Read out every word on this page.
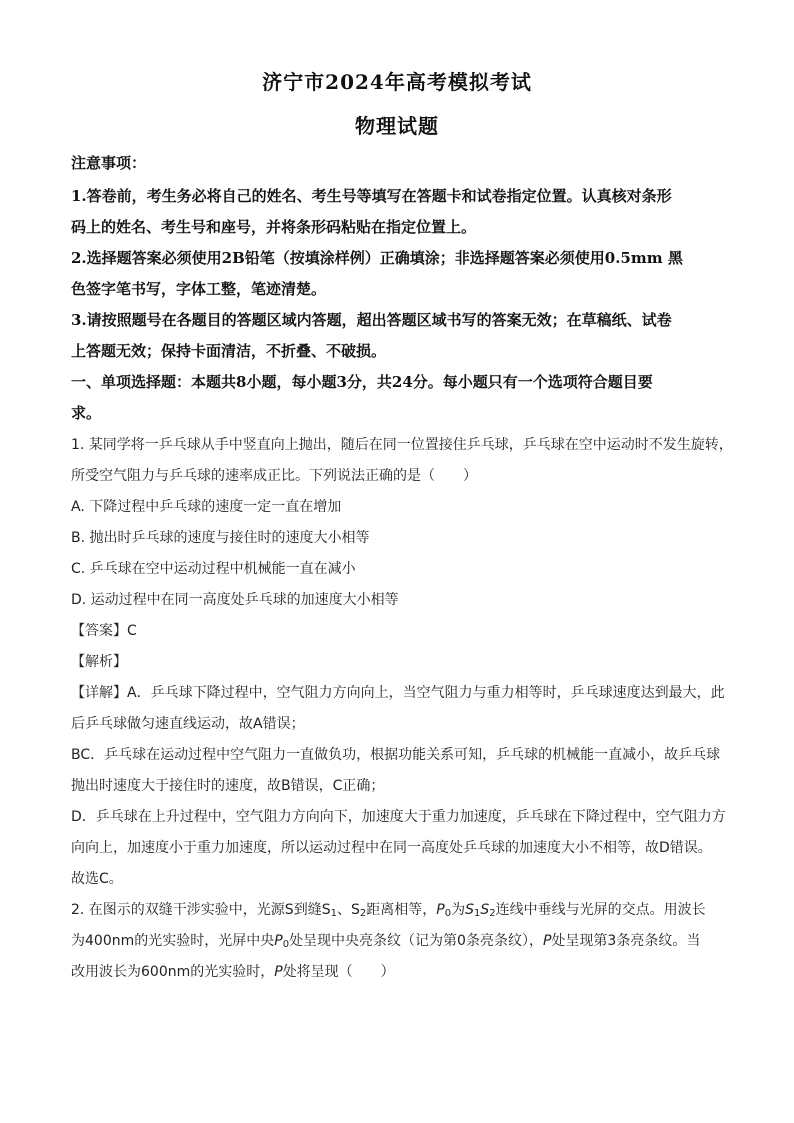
济宁市2024年高考模拟考试
物理试题
注意事项：
1.答卷前，考生务必将自己的姓名、考生号等填写在答题卡和试卷指定位置。认真核对条形
码上的姓名、考生号和座号，并将条形码粘贴在指定位置上。
2.选择题答案必须使用2B铅笔（按填涂样例）正确填涂；非选择题答案必须使用0.5mm 黑
色签字笔书写，字体工整，笔迹清楚。
3.请按照题号在各题目的答题区域内答题，超出答题区域书写的答案无效；在草稿纸、试卷
上答题无效；保持卡面清洁，不折叠、不破损。
一、单项选择题：本题共8小题，每小题3分，共24分。每小题只有一个选项符合题目要
求。
1. 某同学将一乒乓球从手中竖直向上抛出，随后在同一位置接住乒乓球，乒乓球在空中运动时不发生旋转，
所受空气阻力与乒乓球的速率成正比。下列说法正确的是（　　）
A. 下降过程中乒乓球的速度一定一直在增加
B. 抛出时乒乓球的速度与接住时的速度大小相等
C. 乒乓球在空中运动过程中机械能一直在减小
D. 运动过程中在同一高度处乒乓球的加速度大小相等
【答案】C
【解析】
【详解】A．乒乓球下降过程中，空气阻力方向向上，当空气阻力与重力相等时，乒乓球速度达到最大，此
后乒乓球做匀速直线运动，故A错误；
BC．乒乓球在运动过程中空气阻力一直做负功，根据功能关系可知，乒乓球的机械能一直减小，故乒乓球
抛出时速度大于接住时的速度，故B错误，C正确；
D．乒乓球在上升过程中，空气阻力方向向下，加速度大于重力加速度，乒乓球在下降过程中，空气阻力方
向向上，加速度小于重力加速度，所以运动过程中在同一高度处乒乓球的加速度大小不相等，故D错误。
故选C。
2. 在图示的双缝干涉实验中，光源S到缝$S_1$、$S_2$距离相等，$P_0$为$S_1S_2$连线中垂线与光屏的交点。用波长
为400nm的光实验时，光屏中央$P_0$处呈现中央亮条纹（记为第0条亮条纹），P处呈现第3条亮条纹。当
改用波长为600nm的光实验时，P处将呈现（　　）
